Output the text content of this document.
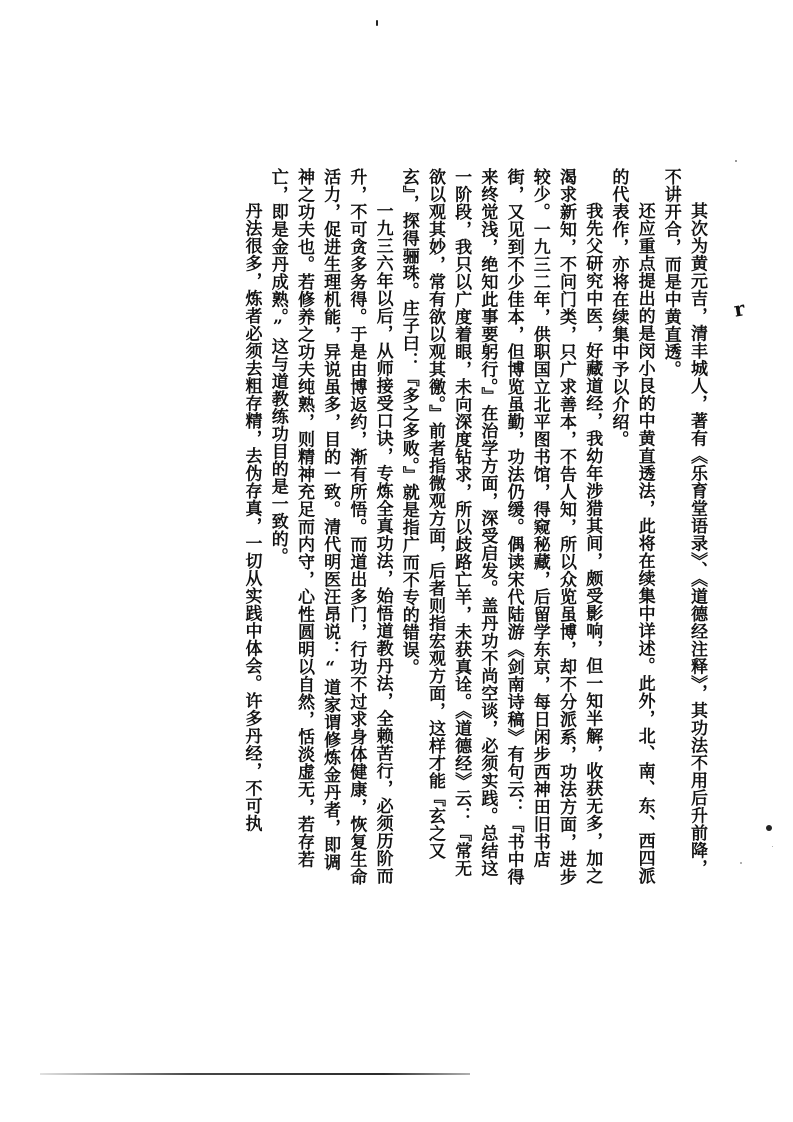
r

其次为黄元吉，清丰城人，著有《乐育堂语录》、《道德经注释》，其功法不用后升前降，不讲开合，而是中黄直透。

还应重点提出的是闵小艮的中黄直透法，此将在续集中详述。此外，北、南、东、西四派的代表作，亦将在续集中予以介绍。

我先父研究中医，好藏道经，我幼年涉猎其间，颇受影响，但一知半解，收获无多，加之渴求新知，不问门类，只广求善本，不告人知，所以众览虽博，却不分派系，功法方面，进步较少。一九三二年，供职国立北平图书馆，得窥秘藏，后留学东京，每日闲步西神田旧书店街，又见到不少佳本，但博览虽勤，功法仍缓。偶读宋代陆游《剑南诗稿》有句云：『书中得来终觉浅，绝知此事要躬行。』在治学方面，深受启发。盖丹功不尚空谈，必须实践。总结这一阶段，我只以广度着眼，未向深度钻求，所以歧路亡羊，未获真诠。《道德经》云：『常无欲以观其妙，常有欲以观其徼。』前者指微观方面，后者则指宏观方面，这样才能『玄之又玄』，探得骊珠。庄子曰：『多之多败。』就是指广而不专的错误。

一九三六年以后，从师接受口诀，专炼全真功法，始悟道教丹法，全赖苦行，必须历阶而升，不可贪多务得。于是由博返约，渐有所悟。而道出多门，行功不过求身体健康，恢复生命活力，促进生理机能，异说虽多，目的一致。清代明医汪昂说：“道家谓修炼金丹者，即调神之功夫也。若修养之功夫纯熟，则精神充足而内守，心性圆明以自然，恬淡虚无，若存若亡，即是金丹成熟。”这与道教练功目的是一致的。

丹法很多，炼者必须去粗存精，去伪存真，一切从实践中体会。许多丹经，不可执
